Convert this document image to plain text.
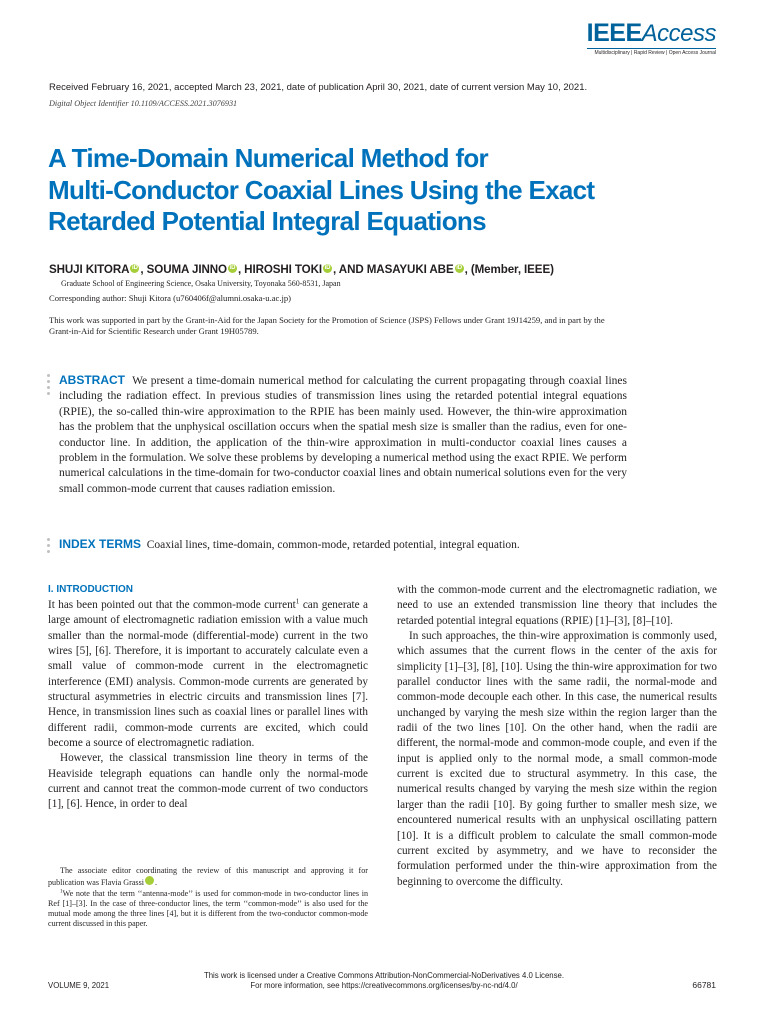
IEEEAccess
Multidisciplinary | Rapid Review | Open Access Journal
Received February 16, 2021, accepted March 23, 2021, date of publication April 30, 2021, date of current version May 10, 2021.
Digital Object Identifier 10.1109/ACCESS.2021.3076931
A Time-Domain Numerical Method for
Multi-Conductor Coaxial Lines Using the Exact
Retarded Potential Integral Equations
SHUJI KITORA iD , SOUMA JINNO iD , HIROSHI TOKI iD , AND MASAYUKI ABE iD , (Member, IEEE)
Graduate School of Engineering Science, Osaka University, Toyonaka 560-8531, Japan
Corresponding author: Shuji Kitora (u760406f@alumni.osaka-u.ac.jp)
This work was supported in part by the Grant-in-Aid for the Japan Society for the Promotion of Science (JSPS) Fellows under Grant 19J14259, and in part by the Grant-in-Aid for Scientific Research under Grant 19H05789.
ABSTRACT We present a time-domain numerical method for calculating the current propagating through coaxial lines including the radiation effect. In previous studies of transmission lines using the retarded potential integral equations (RPIE), the so-called thin-wire approximation to the RPIE has been mainly used. However, the thin-wire approximation has the problem that the unphysical oscillation occurs when the spatial mesh size is smaller than the radius, even for one-conductor line. In addition, the application of the thin-wire approximation in multi-conductor coaxial lines causes a problem in the formulation. We solve these problems by developing a numerical method using the exact RPIE. We perform numerical calculations in the time-domain for two-conductor coaxial lines and obtain numerical solutions even for the very small common-mode current that causes radiation emission.
INDEX TERMS Coaxial lines, time-domain, common-mode, retarded potential, integral equation.
I. INTRODUCTION

It has been pointed out that the common-mode current$^1$ can generate a large amount of electromagnetic radiation emission with a value much smaller than the normal-mode (differential-mode) current in the two wires [5], [6]. Therefore, it is important to accurately calculate even a small value of common-mode current in the electromagnetic interference (EMI) analysis. Common-mode currents are generated by structural asymmetries in electric circuits and transmission lines [7]. Hence, in transmission lines such as coaxial lines or parallel lines with different radii, common-mode currents are excited, which could become a source of electromagnetic radiation.

However, the classical transmission line theory in terms of the Heaviside telegraph equations can handle only the normal-mode current and cannot treat the common-mode current of two conductors [1], [6]. Hence, in order to deal

with the common-mode current and the electromagnetic radiation, we need to use an extended transmission line theory that includes the retarded potential integral equations (RPIE) [1]–[3], [8]–[10].

In such approaches, the thin-wire approximation is commonly used, which assumes that the current flows in the center of the axis for simplicity [1]–[3], [8], [10]. Using the thin-wire approximation for two parallel conductor lines with the same radii, the normal-mode and common-mode decouple each other. In this case, the numerical results unchanged by varying the mesh size within the region larger than the radii of the two lines [10]. On the other hand, when the radii are different, the normal-mode and common-mode couple, and even if the input is applied only to the normal mode, a small common-mode current is excited due to structural asymmetry. In this case, the numerical results changed by varying the mesh size within the region larger than the radii [10]. By going further to smaller mesh size, we encountered numerical results with an unphysical oscillating pattern [10]. It is a difficult problem to calculate the small common-mode current excited by asymmetry, and we have to reconsider the formulation performed under the thin-wire approximation from the beginning to overcome the difficulty.

The associate editor coordinating the review of this manuscript and approving it for publication was Flavia Grassi iD.

$^1$We note that the term ‘‘antenna-mode’’ is used for common-mode in two-conductor lines in Ref [1]–[3]. In the case of three-conductor lines, the term ‘‘common-mode’’ is also used for the mutual mode among the three lines [4], but it is different from the two-conductor common-mode current discussed in this paper.

This work is licensed under a Creative Commons Attribution-NonCommercial-NoDerivatives 4.0 License.
For more information, see https://creativecommons.org/licenses/by-nc-nd/4.0/
VOLUME 9, 2021	66781
